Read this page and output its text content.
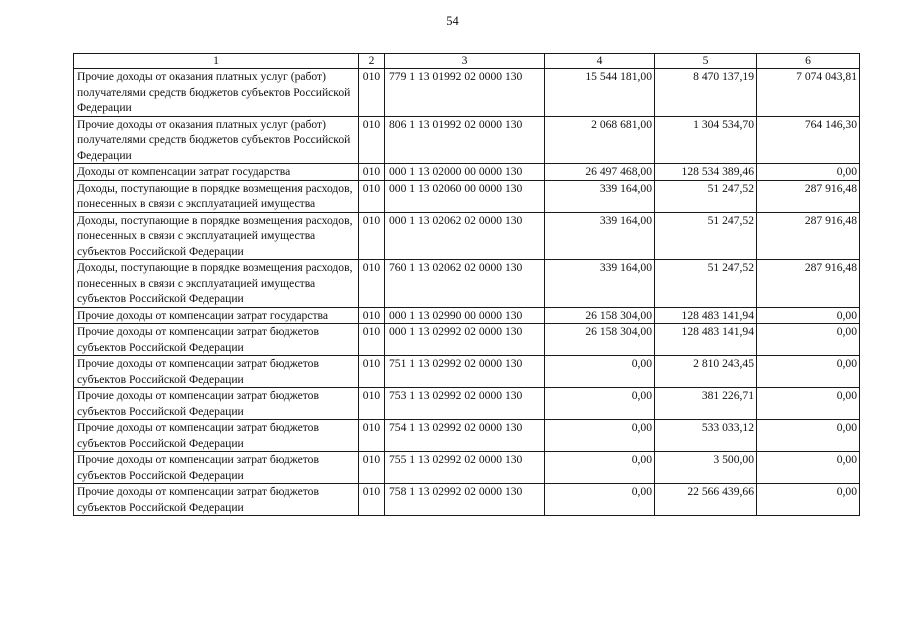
54
1	2	3	4	5	6
Прочие доходы от оказания платных услуг (работ) получателями средств бюджетов субъектов Российской Федерации	010	779 1 13 01992 02 0000 130	15 544 181,00	8 470 137,19	7 074 043,81
Прочие доходы от оказания платных услуг (работ) получателями средств бюджетов субъектов Российской Федерации	010	806 1 13 01992 02 0000 130	2 068 681,00	1 304 534,70	764 146,30
Доходы от компенсации затрат государства	010	000 1 13 02000 00 0000 130	26 497 468,00	128 534 389,46	0,00
Доходы, поступающие в порядке возмещения расходов, понесенных в связи с эксплуатацией имущества	010	000 1 13 02060 00 0000 130	339 164,00	51 247,52	287 916,48
Доходы, поступающие в порядке возмещения расходов, понесенных в связи с эксплуатацией имущества субъектов Российской Федерации	010	000 1 13 02062 02 0000 130	339 164,00	51 247,52	287 916,48
Доходы, поступающие в порядке возмещения расходов, понесенных в связи с эксплуатацией имущества субъектов Российской Федерации	010	760 1 13 02062 02 0000 130	339 164,00	51 247,52	287 916,48
Прочие доходы от компенсации затрат государства	010	000 1 13 02990 00 0000 130	26 158 304,00	128 483 141,94	0,00
Прочие доходы от компенсации затрат бюджетов субъектов Российской Федерации	010	000 1 13 02992 02 0000 130	26 158 304,00	128 483 141,94	0,00
Прочие доходы от компенсации затрат бюджетов субъектов Российской Федерации	010	751 1 13 02992 02 0000 130	0,00	2 810 243,45	0,00
Прочие доходы от компенсации затрат бюджетов субъектов Российской Федерации	010	753 1 13 02992 02 0000 130	0,00	381 226,71	0,00
Прочие доходы от компенсации затрат бюджетов субъектов Российской Федерации	010	754 1 13 02992 02 0000 130	0,00	533 033,12	0,00
Прочие доходы от компенсации затрат бюджетов субъектов Российской Федерации	010	755 1 13 02992 02 0000 130	0,00	3 500,00	0,00
Прочие доходы от компенсации затрат бюджетов субъектов Российской Федерации	010	758 1 13 02992 02 0000 130	0,00	22 566 439,66	0,00
